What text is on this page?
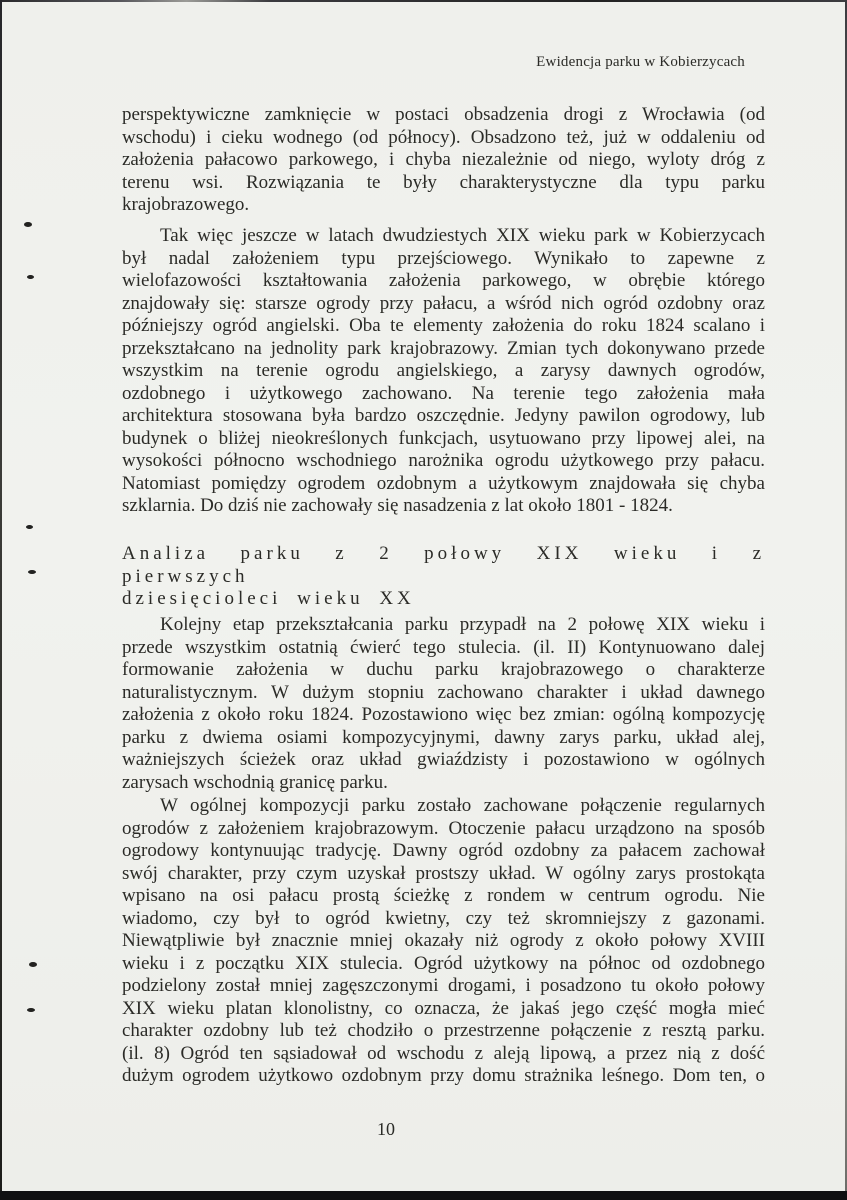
Ewidencja parku w Kobierzycach
perspektywiczne zamknięcie w postaci obsadzenia drogi z Wrocławia (od
wschodu) i cieku wodnego (od północy). Obsadzono też, już w oddaleniu od
założenia pałacowo parkowego, i chyba niezależnie od niego, wyloty dróg z
terenu wsi. Rozwiązania te były charakterystyczne dla typu parku
krajobrazowego.
Tak więc jeszcze w latach dwudziestych XIX wieku park w Kobierzycach
był nadal założeniem typu przejściowego. Wynikało to zapewne z
wielofazowości kształtowania założenia parkowego, w obrębie którego
znajdowały się: starsze ogrody przy pałacu, a wśród nich ogród ozdobny oraz
późniejszy ogród angielski. Oba te elementy założenia do roku 1824 scalano i
przekształcano na jednolity park krajobrazowy. Zmian tych dokonywano przede
wszystkim na terenie ogrodu angielskiego, a zarysy dawnych ogrodów,
ozdobnego i użytkowego zachowano. Na terenie tego założenia mała
architektura stosowana była bardzo oszczędnie. Jedyny pawilon ogrodowy, lub
budynek o bliżej nieokreślonych funkcjach, usytuowano przy lipowej alei, na
wysokości północno wschodniego narożnika ogrodu użytkowego przy pałacu.
Natomiast pomiędzy ogrodem ozdobnym a użytkowym znajdowała się chyba
szklarnia. Do dziś nie zachowały się nasadzenia z lat około 1801 - 1824.
Analiza parku z 2 połowy XIX wieku i z pierwszych
dziesięcioleci wieku XX
Kolejny etap przekształcania parku przypadł na 2 połowę XIX wieku i
przede wszystkim ostatnią ćwierć tego stulecia. (il. II) Kontynuowano dalej
formowanie założenia w duchu parku krajobrazowego o charakterze
naturalistycznym. W dużym stopniu zachowano charakter i układ dawnego
założenia z około roku 1824. Pozostawiono więc bez zmian: ogólną kompozycję
parku z dwiema osiami kompozycyjnymi, dawny zarys parku, układ alej,
ważniejszych ścieżek oraz układ gwiaździsty i pozostawiono w ogólnych
zarysach wschodnią granicę parku.
W ogólnej kompozycji parku zostało zachowane połączenie regularnych
ogrodów z założeniem krajobrazowym. Otoczenie pałacu urządzono na sposób
ogrodowy kontynuując tradycję. Dawny ogród ozdobny za pałacem zachował
swój charakter, przy czym uzyskał prostszy układ. W ogólny zarys prostokąta
wpisano na osi pałacu prostą ścieżkę z rondem w centrum ogrodu. Nie
wiadomo, czy był to ogród kwietny, czy też skromniejszy z gazonami.
Niewątpliwie był znacznie mniej okazały niż ogrody z około połowy XVIII
wieku i z początku XIX stulecia. Ogród użytkowy na północ od ozdobnego
podzielony został mniej zagęszczonymi drogami, i posadzono tu około połowy
XIX wieku platan klonolistny, co oznacza, że jakaś jego część mogła mieć
charakter ozdobny lub też chodziło o przestrzenne połączenie z resztą parku.
(il. 8) Ogród ten sąsiadował od wschodu z aleją lipową, a przez nią z dość
dużym ogrodem użytkowo ozdobnym przy domu strażnika leśnego. Dom ten, o
10
